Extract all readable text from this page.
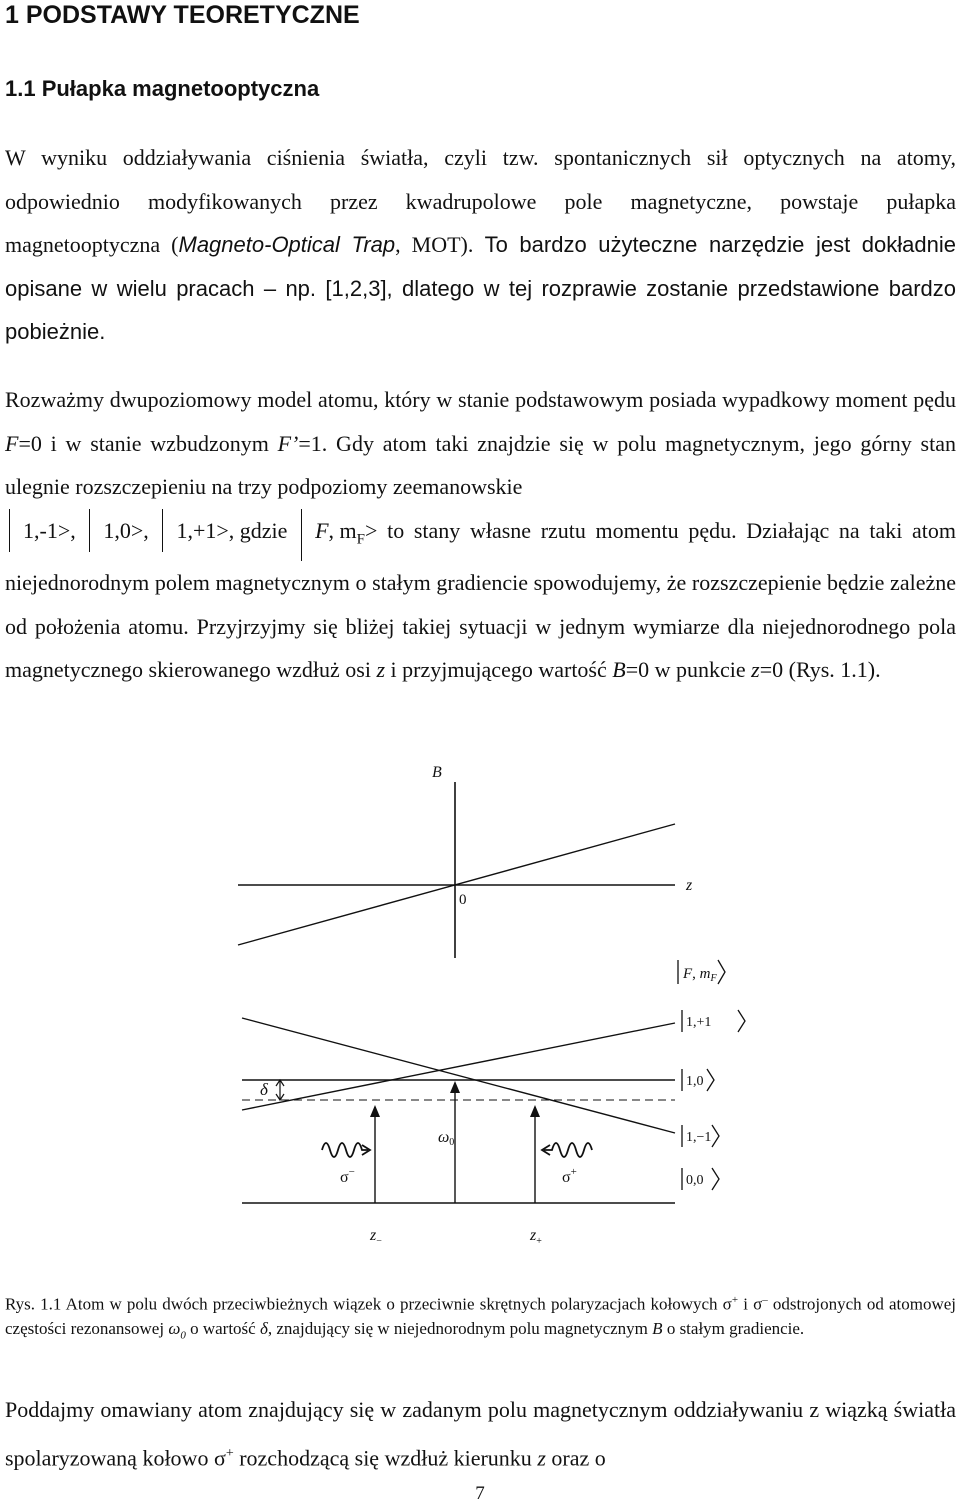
1 PODSTAWY TEORETYCZNE
1.1 Pułapka magnetooptyczna

W wyniku oddziaływania ciśnienia światła, czyli tzw. spontanicznych sił optycznych na atomy, odpowiednio modyfikowanych przez kwadrupolowe pole magnetyczne, powstaje pułapka magnetooptyczna (Magneto-Optical Trap, MOT). To bardzo użyteczne narzędzie jest dokładnie opisane w wielu pracach – np. [1,2,3], dlatego w tej rozprawie zostanie przedstawione bardzo pobieżnie.

Rozważmy dwupoziomowy model atomu, który w stanie podstawowym posiada wypadkowy moment pędu F=0 i w stanie wzbudzonym F’=1. Gdy atom taki znajdzie się w polu magnetycznym, jego górny stan ulegnie rozszczepieniu na trzy podpoziomy zeemanowskie
1,-1>, 1,0>, 1,+1>, gdzie F, $m_F>$ to stany własne rzutu momentu pędu. Działając na taki atom niejednorodnym polem magnetycznym o stałym gradiencie spowodujemy, że rozszczepienie będzie zależne od położenia atomu. Przyjrzyjmy się bliżej takiej sytuacji w jednym wymiarze dla niejednorodnego pola magnetycznego skierowanego wzdłuż osi z i przyjmującego wartość B=0 w punkcie z=0 (Rys. 1.1).

B
z
0
F, $m_F$
1,+1
1,0
1,−1
0,0
δ
ω0
σ−	σ+
$z_-$	$z_+$

Rys. 1.1 Atom w polu dwóch przeciwbieżnych wiązek o przeciwnie skrętnych polaryzacjach kołowych σ+ i σ– odstrojonych od atomowej częstości rezonansowej $\omega_0$ o wartość δ, znajdujący się w niejednorodnym polu magnetycznym B o stałym gradiencie.

Poddajmy omawiany atom znajdujący się w zadanym polu magnetycznym oddziaływaniu z wiązką światła spolaryzowaną kołowo σ+ rozchodzącą się wzdłuż kierunku z oraz o

7
